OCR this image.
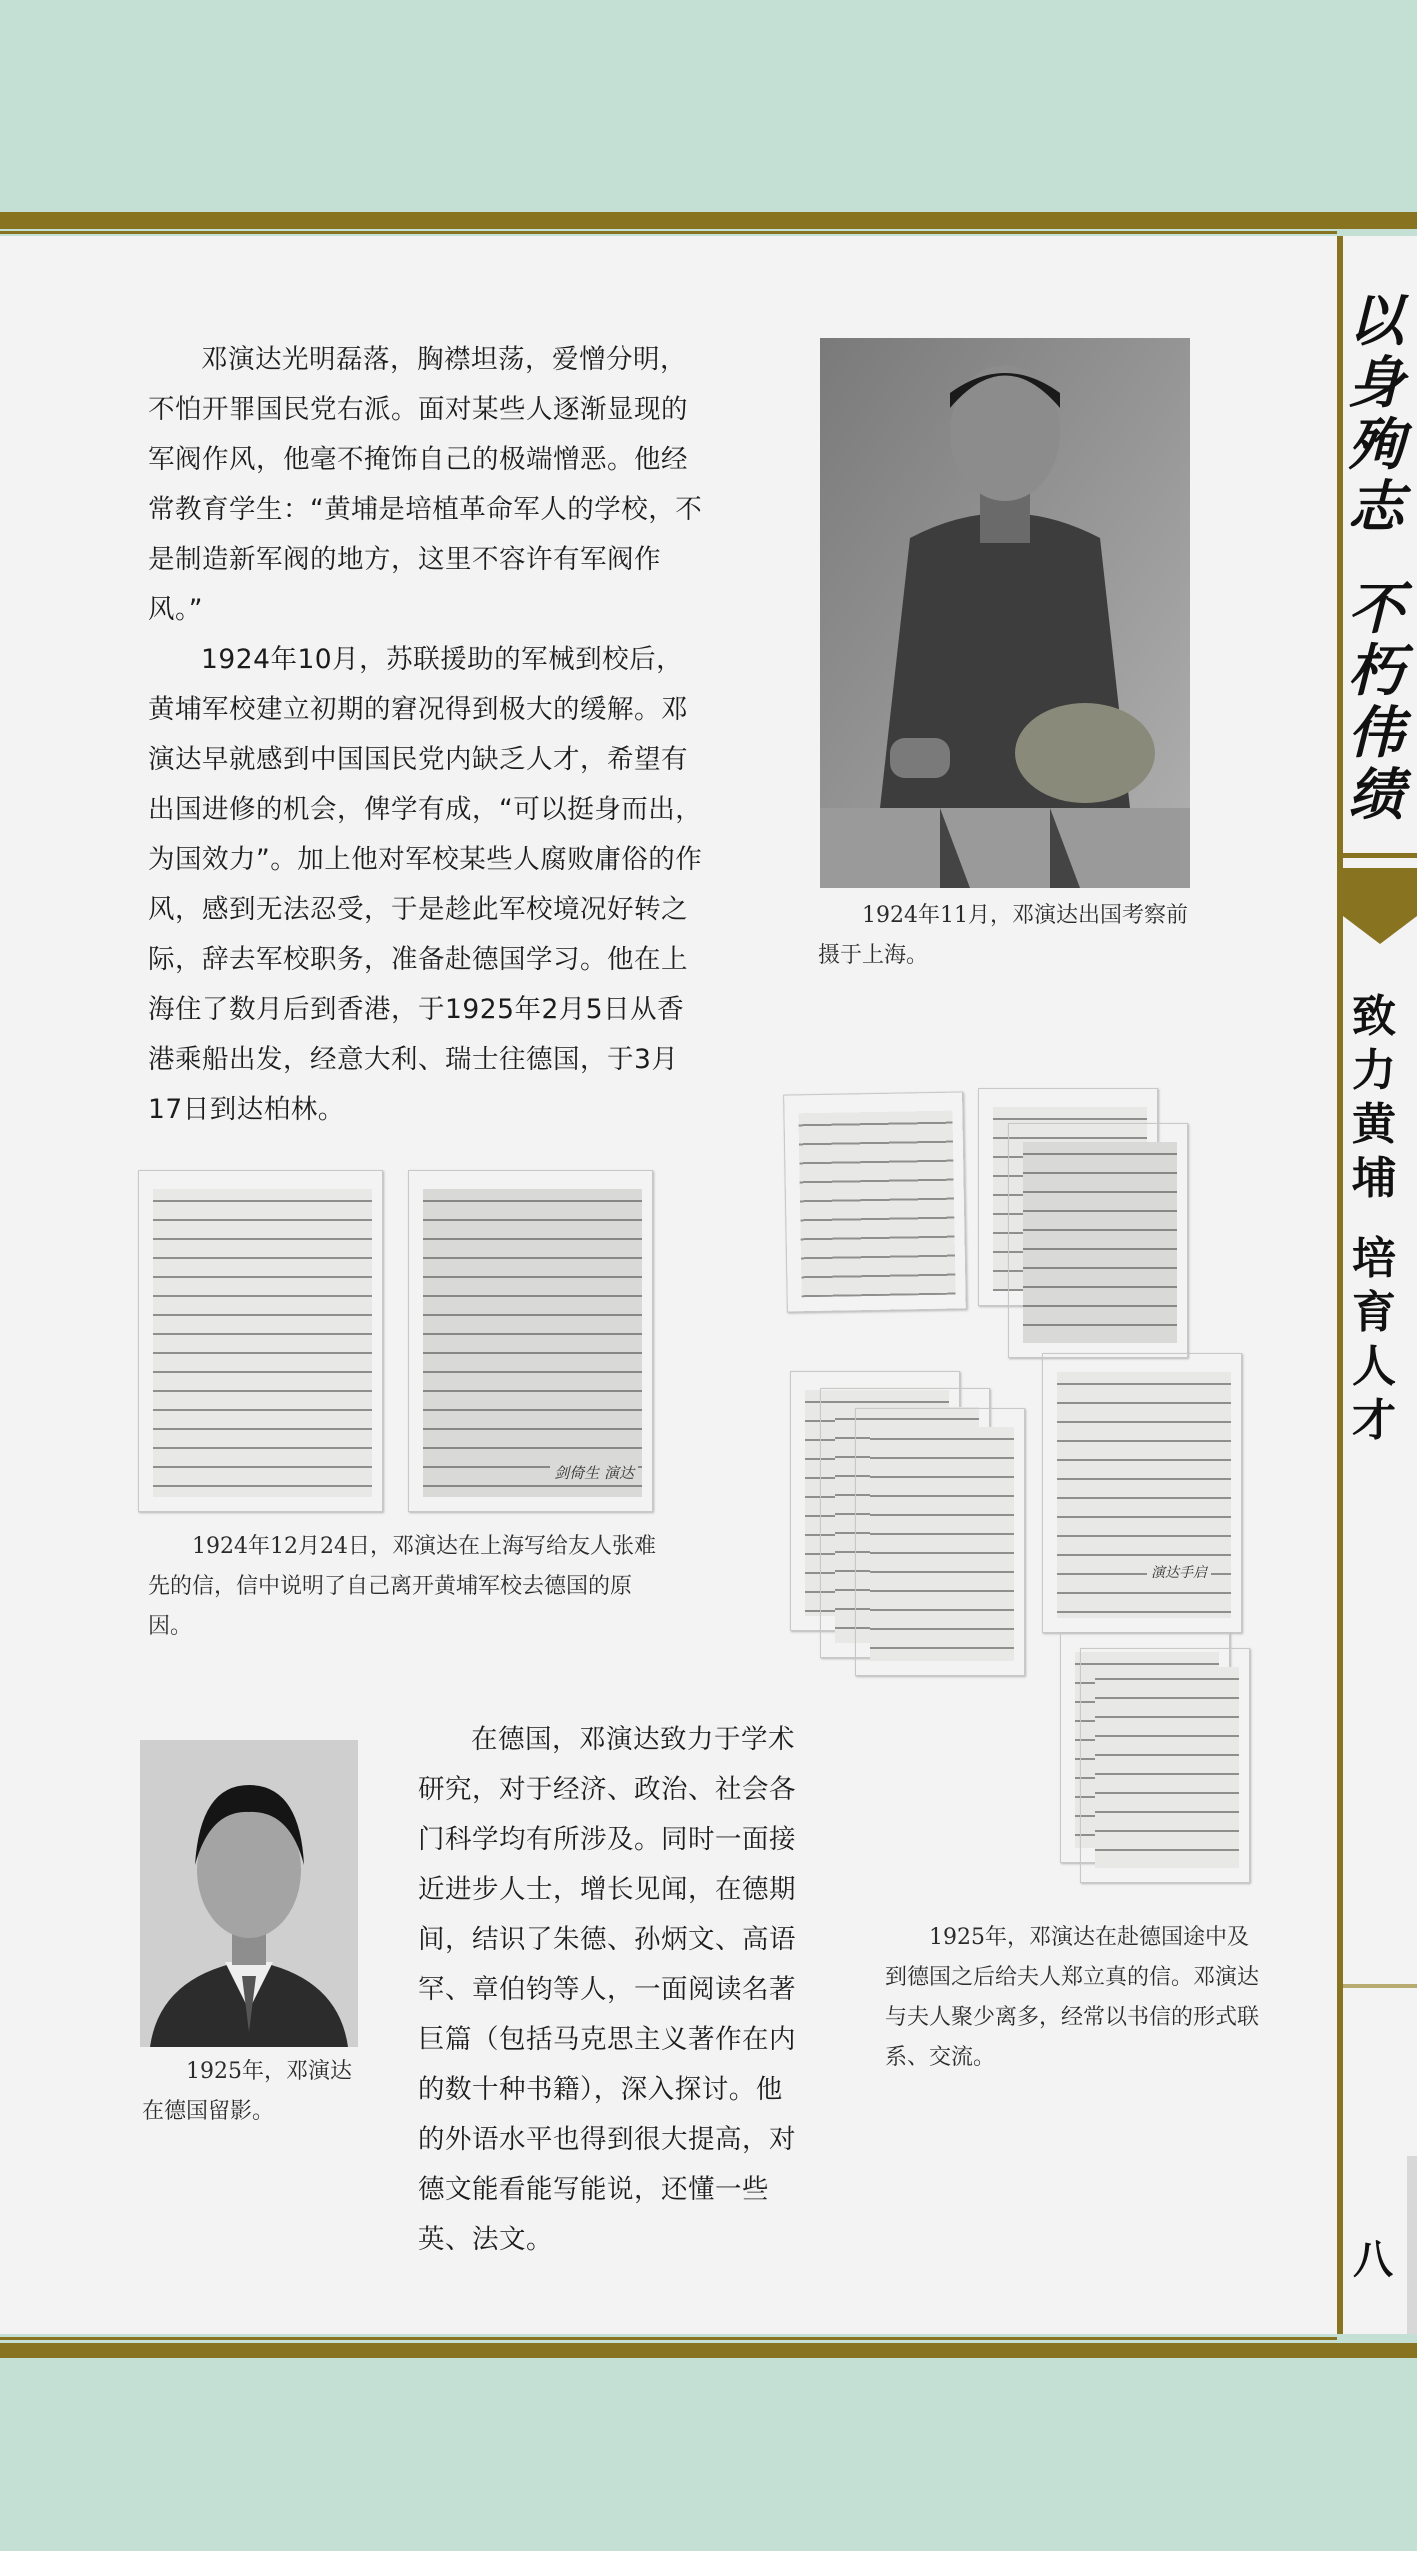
以身殉志
不朽伟绩
致力黄埔
培育人才
八

邓演达光明磊落，胸襟坦荡，爱憎分明，不怕开罪国民党右派。面对某些人逐渐显现的军阀作风，他毫不掩饰自己的极端憎恶。他经常教育学生：“黄埔是培植革命军人的学校，不是制造新军阀的地方，这里不容许有军阀作风。”

1924年10月，苏联援助的军械到校后，黄埔军校建立初期的窘况得到极大的缓解。邓演达早就感到中国国民党内缺乏人才，希望有出国进修的机会，俾学有成，“可以挺身而出，为国效力”。加上他对军校某些人腐败庸俗的作风，感到无法忍受，于是趁此军校境况好转之际，辞去军校职务，准备赴德国学习。他在上海住了数月后到香港，于1925年2月5日从香港乘船出发，经意大利、瑞士往德国，于3月17日到达柏林。

1924年11月，邓演达出国考察前摄于上海。
剑倚生 演达
1924年12月24日，邓演达在上海写给友人张难先的信，信中说明了自己离开黄埔军校去德国的原因。
1925年，邓演达在德国留影。

在德国，邓演达致力于学术研究，对于经济、政治、社会各门科学均有所涉及。同时一面接近进步人士，增长见闻，在德期间，结识了朱德、孙炳文、高语罕、章伯钧等人，一面阅读名著巨篇（包括马克思主义著作在内的数十种书籍），深入探讨。他的外语水平也得到很大提高，对德文能看能写能说，还懂一些英、法文。

演达手启
1925年，邓演达在赴德国途中及到德国之后给夫人郑立真的信。邓演达与夫人聚少离多，经常以书信的形式联系、交流。
